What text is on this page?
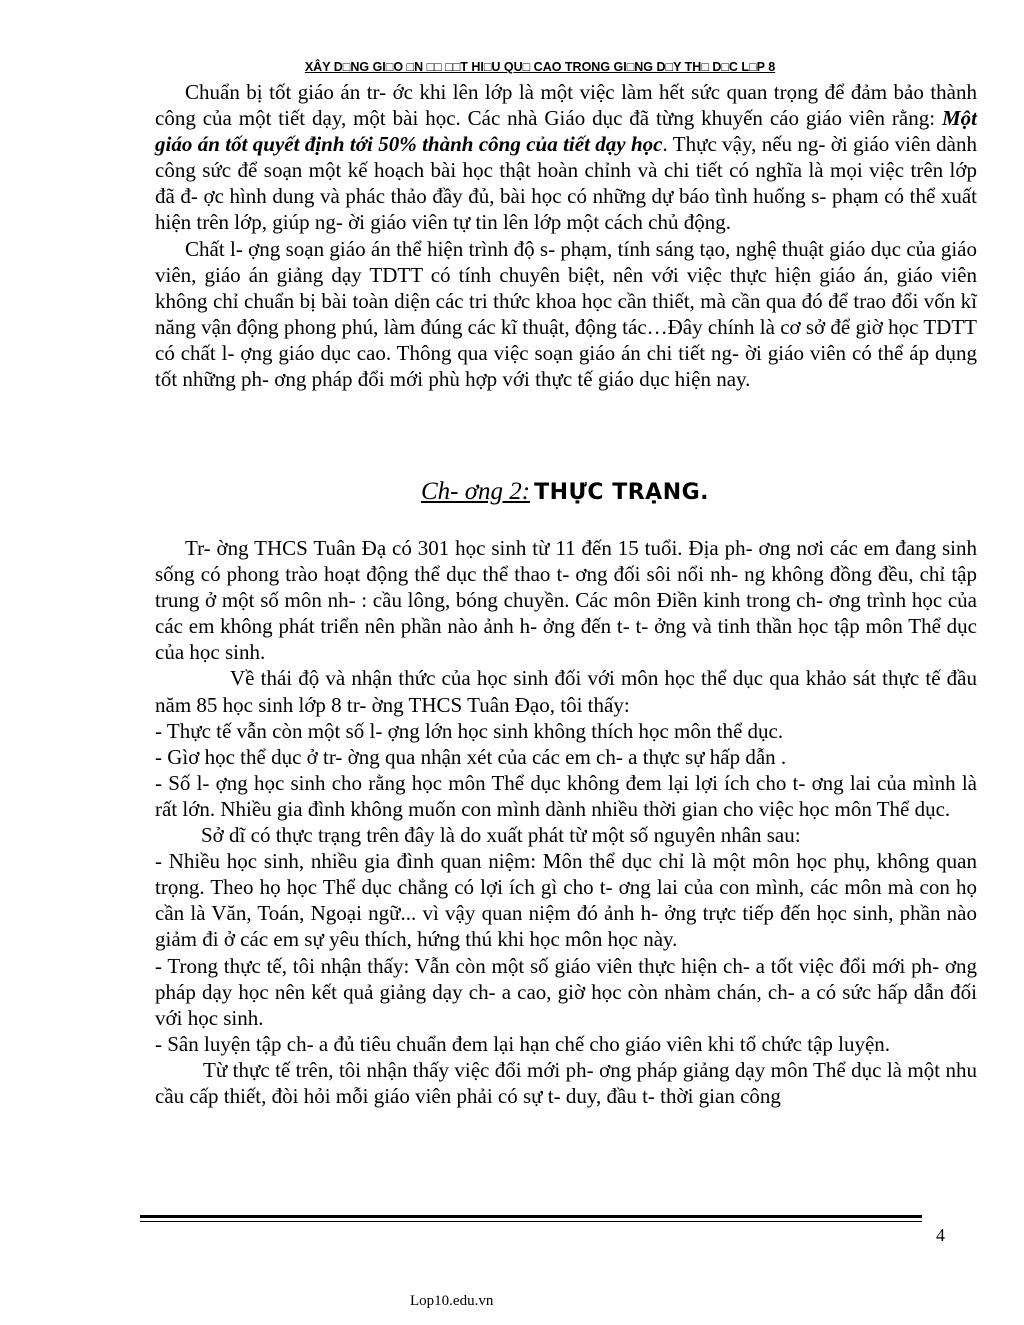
XÂY D□NG GI□O □N □□ □□T HI□U QU□ CAO TRONG GI□NG D□Y TH□ D□C L□P 8

Chuẩn bị tốt giáo án tr- ớc khi lên lớp là một việc làm hết sức quan trọng để đảm bảo thành công của một tiết dạy, một bài học. Các nhà Giáo dục đã từng khuyến cáo giáo viên rằng: Một giáo án tốt quyết định tới 50% thành công của tiết dạy học. Thực vậy, nếu ng- ời giáo viên dành công sức để soạn một kế hoạch bài học thật hoàn chỉnh và chi tiết có nghĩa là mọi việc trên lớp đã đ- ợc hình dung và phác thảo đầy đủ, bài học có những dự báo tình huống s- phạm có thể xuất hiện trên lớp, giúp ng- ời giáo viên tự tin lên lớp một cách chủ động.

Chất l- ợng soạn giáo án thể hiện trình độ s- phạm, tính sáng tạo, nghệ thuật giáo dục của giáo viên, giáo án giảng dạy TDTT có tính chuyên biệt, nên với việc thực hiện giáo án, giáo viên không chỉ chuẩn bị bài toàn diện các tri thức khoa học cần thiết, mà cần qua đó để trao đổi vốn kĩ năng vận động phong phú, làm đúng các kĩ thuật, động tác…Đây chính là cơ sở để giờ học TDTT có chất l- ợng giáo dục cao. Thông qua việc soạn giáo án chi tiết ng- ời giáo viên có thể áp dụng tốt những ph- ơng pháp đổi mới phù hợp với thực tế giáo dục hiện nay.

Ch- ơng 2: THỰC TRẠNG.

Tr- ờng THCS Tuân Đạ có 301 học sinh từ 11 đến 15 tuổi. Địa ph- ơng nơi các em đang sinh sống có phong trào hoạt động thể dục thể thao t- ơng đối sôi nổi nh- ng không đồng đều, chỉ tập trung ở một số môn nh- : cầu lông, bóng chuyền. Các môn Điền kinh trong ch- ơng trình học của các em không phát triển nên phần nào ảnh h- ởng đến t- t- ởng và tinh thần học tập môn Thể dục của học sinh.

Về thái độ và nhận thức của học sinh đối với môn học thể dục qua khảo sát thực tế đầu năm 85 học sinh lớp 8 tr- ờng THCS Tuân Đạo, tôi thấy:

- Thực tế vẫn còn một số l- ợng lớn học sinh không thích học môn thể dục.

- Gìơ học thể dục ở tr- ờng qua nhận xét của các em ch- a thực sự hấp dẫn .

- Số l- ợng học sinh cho rằng học môn Thể dục không đem lại lợi ích cho t- ơng lai của mình là rất lớn. Nhiều gia đình không muốn con mình dành nhiều thời gian cho việc học môn Thể dục.

Sở dĩ có thực trạng trên đây là do xuất phát từ một số nguyên nhân sau:

- Nhiều học sinh, nhiều gia đình quan niệm: Môn thể dục chỉ là một môn học phụ, không quan trọng. Theo họ học Thể dục chẳng có lợi ích gì cho t- ơng lai của con mình, các môn mà con họ cần là Văn, Toán, Ngoại ngữ... vì vậy quan niệm đó ảnh h- ởng trực tiếp đến học sinh, phần nào giảm đi ở các em sự yêu thích, hứng thú khi học môn học này.

- Trong thực tế, tôi nhận thấy: Vẫn còn một số giáo viên thực hiện ch- a tốt việc đổi mới ph- ơng pháp dạy học nên kết quả giảng dạy ch- a cao, giờ học còn nhàm chán, ch- a có sức hấp dẫn đối với học sinh.

- Sân luyện tập ch- a đủ tiêu chuẩn đem lại hạn chế cho giáo viên khi tổ chức tập luyện.

Từ thực tế trên, tôi nhận thấy việc đổi mới ph- ơng pháp giảng dạy môn Thể dục là một nhu cầu cấp thiết, đòi hỏi mỗi giáo viên phải có sự t- duy, đầu t- thời gian công

4
Lop10.edu.vn
